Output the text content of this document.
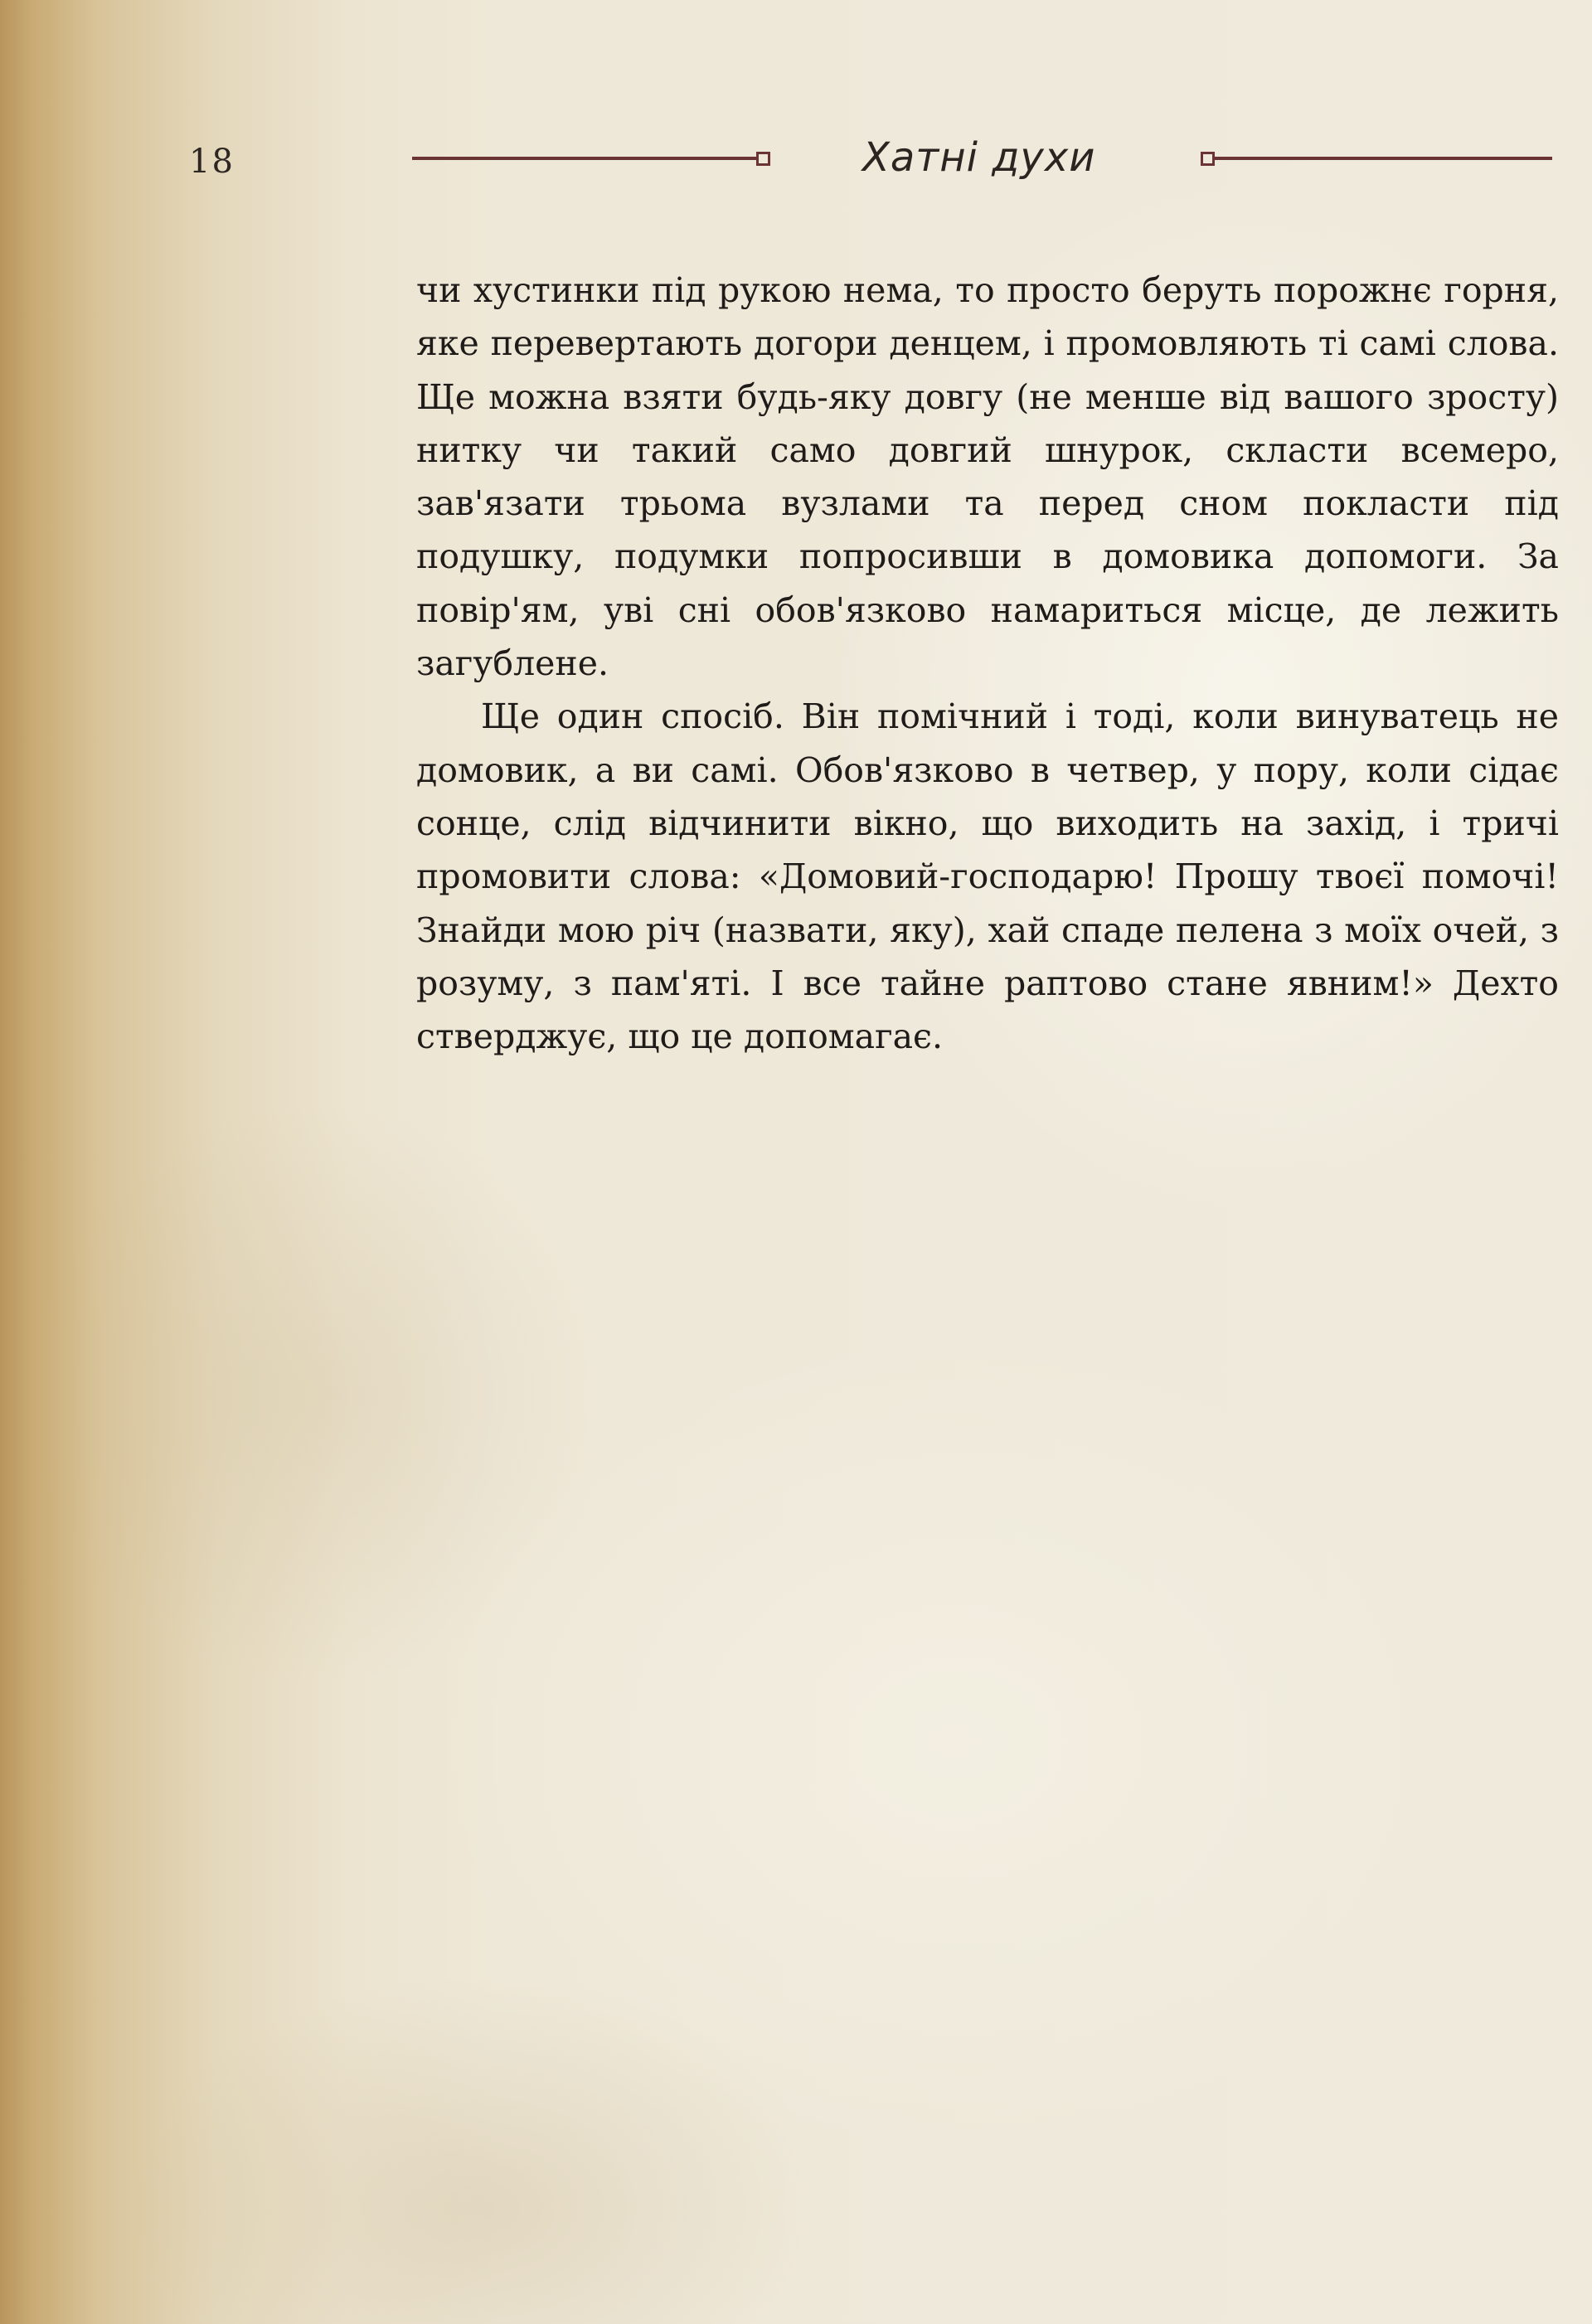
18	Хатні духи

чи хустинки під рукою нема, то просто беруть порожнє горня, яке перевертають догори денцем, і промовляють ті самі слова. Ще можна взяти будь-яку довгу (не менше від вашого зросту) нитку чи такий само довгий шнурок, скласти всемеро, зав'язати трьома вузлами та перед сном покласти під подушку, подумки попросивши в домовика допомоги. За повір'ям, уві сні обов'язково намариться місце, де лежить загублене.

Ще один спосіб. Він помічний і тоді, коли винуватець не домовик, а ви самі. Обов'язково в четвер, у пору, коли сідає сонце, слід відчинити вікно, що виходить на захід, і тричі промовити слова: «Домовий-господарю! Прошу твоєї помочі! Знайди мою річ (назвати, яку), хай спаде пелена з моїх очей, з розуму, з пам'яті. І все тайне раптово стане явним!» Дехто стверджує, що це допомагає.
